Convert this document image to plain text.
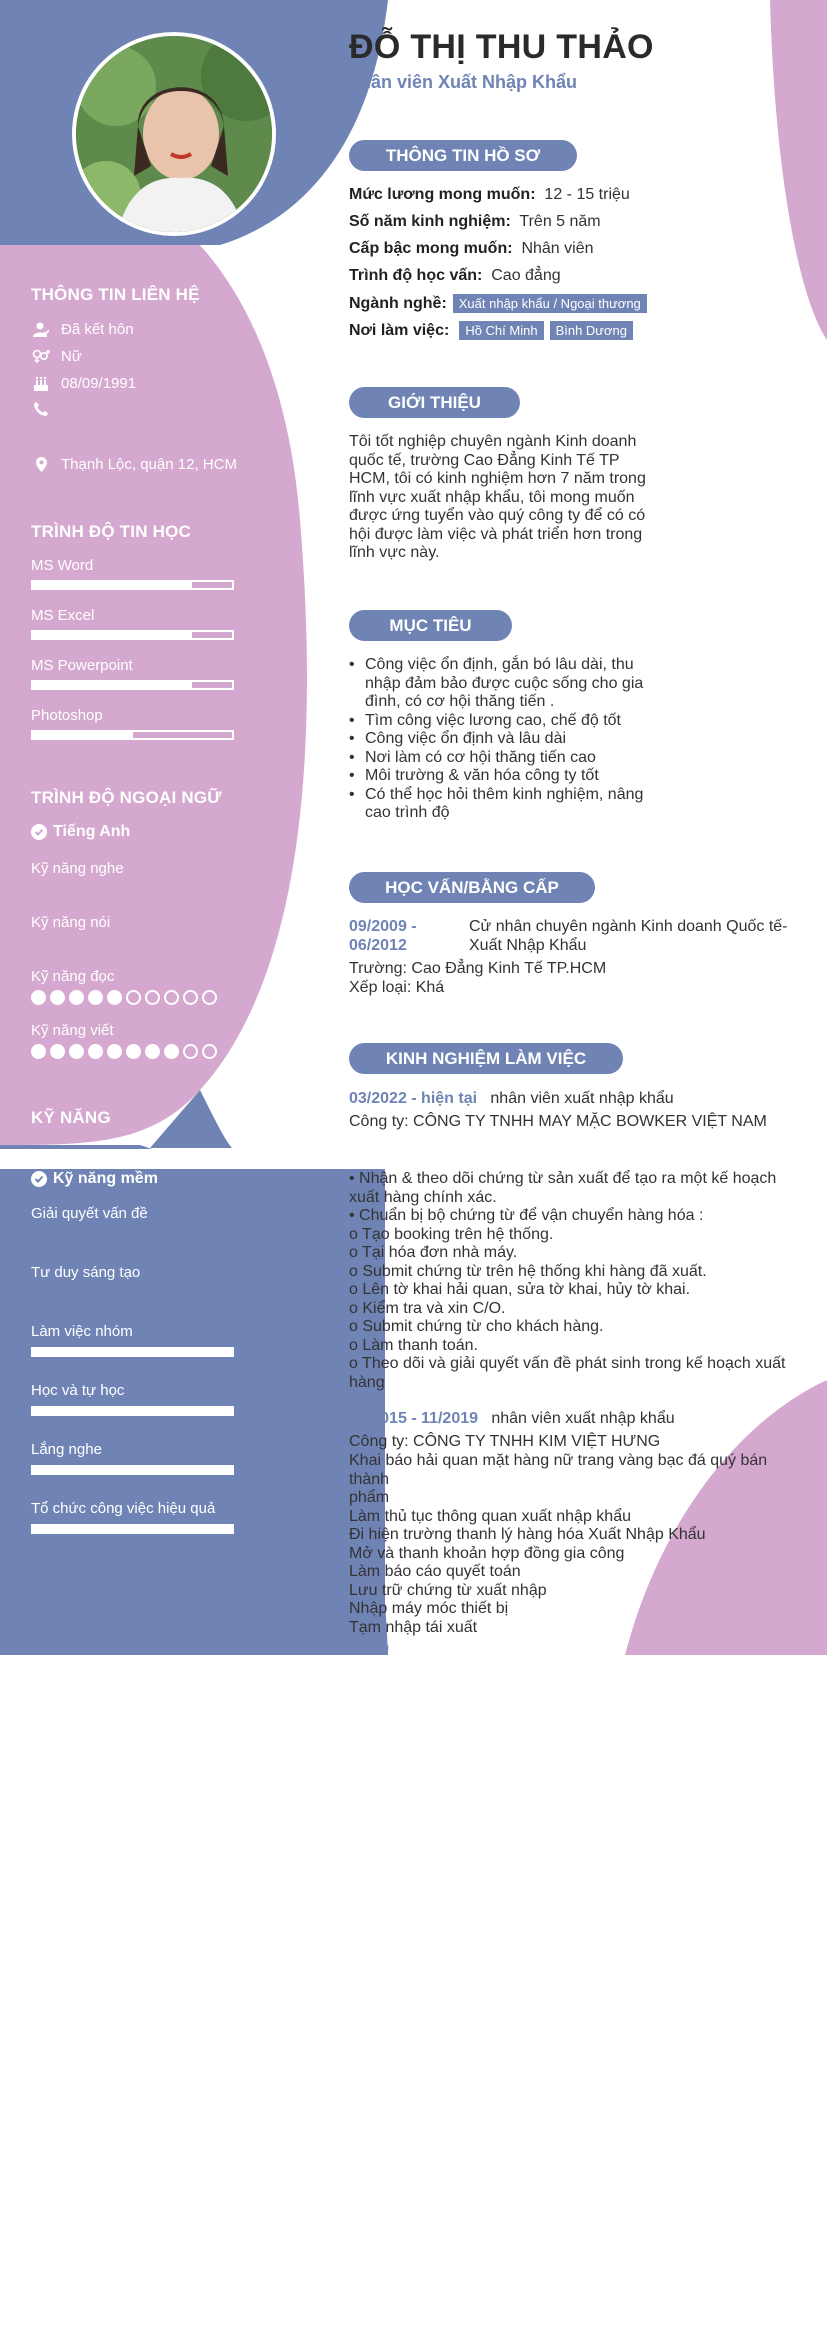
ĐỖ THỊ THU THẢO
nhân viên Xuất Nhập Khẩu
THÔNG TIN HỒ SƠ
Mức lương mong muốn: 12 - 15 triệu
Số năm kinh nghiệm: Trên 5 năm
Cấp bậc mong muốn: Nhân viên
Trình độ học vấn: Cao đẳng
Ngành nghề: Xuất nhập khẩu / Ngoại thương
Nơi làm việc: Hồ Chí Minh Bình Dương
GIỚI THIỆU
Tôi tốt nghiệp chuyên ngành Kinh doanh
quốc tế, trường Cao Đẳng Kinh Tế TP
HCM, tôi có kinh nghiệm hơn 7 năm trong
lĩnh vực xuất nhập khẩu, tôi mong muốn
được ứng tuyển vào quý công ty để có có
hội được làm việc và phát triển hơn trong
lĩnh vực này.
MỤC TIÊU
• Công việc ổn định, gắn bó lâu dài, thu
nhập đảm bảo được cuộc sống cho gia
đình, có cơ hội thăng tiến .
• Tìm công việc lương cao, chế độ tốt
• Công việc ổn định và lâu dài
• Nơi làm có cơ hội thăng tiến cao
• Môi trường & văn hóa công ty tốt
• Có thể học hỏi thêm kinh nghiệm, nâng
cao trình độ
HỌC VẤN/BẰNG CẤP
09/2009 -
06/2012
Cử nhân chuyên ngành Kinh doanh Quốc tế-
Xuất Nhập Khẩu
Trường: Cao Đẳng Kinh Tế TP.HCM
Xếp loại: Khá
KINH NGHIỆM LÀM VIỆC
03/2022 - hiện tại nhân viên xuất nhập khẩu
Công ty: CÔNG TY TNHH MAY MẶC BOWKER VIỆT NAM
• Nhận & theo dõi chứng từ sản xuất để tạo ra một kế hoạch
xuất hàng chính xác.
• Chuẩn bị bộ chứng từ để vận chuyển hàng hóa :
o Tạo booking trên hệ thống.
o Tại hóa đơn nhà máy.
o Submit chứng từ trên hệ thống khi hàng đã xuất.
o Lên tờ khai hải quan, sửa tờ khai, hủy tờ khai.
o Kiểm tra và xin C/O.
o Submit chứng từ cho khách hàng.
o Làm thanh toán.
o Theo dõi và giải quyết vấn đề phát sinh trong kế hoạch xuất
hàng
05/2015 - 11/2019 nhân viên xuất nhập khẩu
Công ty: CÔNG TY TNHH KIM VIỆT HƯNG
Khai báo hải quan mặt hàng nữ trang vàng bạc đá quý bán thành
phẩm
Làm thủ tục thông quan xuất nhập khẩu
Đi hiện trường thanh lý hàng hóa Xuất Nhập Khẩu
Mở và thanh khoản hợp đồng gia công
Làm báo cáo quyết toán
Lưu trữ chứng từ xuất nhập
Nhập máy móc thiết bị
Tạm nhập tái xuất
THÔNG TIN LIÊN HỆ
Đã kết hôn
Nữ
08/09/1991
Thạnh Lộc, quận 12, HCM
TRÌNH ĐỘ TIN HỌC
MS Word
MS Excel
MS Powerpoint
Photoshop
TRÌNH ĐỘ NGOẠI NGỮ
Tiếng Anh
Kỹ năng nghe
Kỹ năng nói
Kỹ năng đọc
Kỹ năng viết
KỸ NĂNG
Kỹ năng mềm
Giải quyết vấn đề
Tư duy sáng tạo
Làm việc nhóm
Học và tự học
Lắng nghe
Tổ chức công việc hiệu quả
